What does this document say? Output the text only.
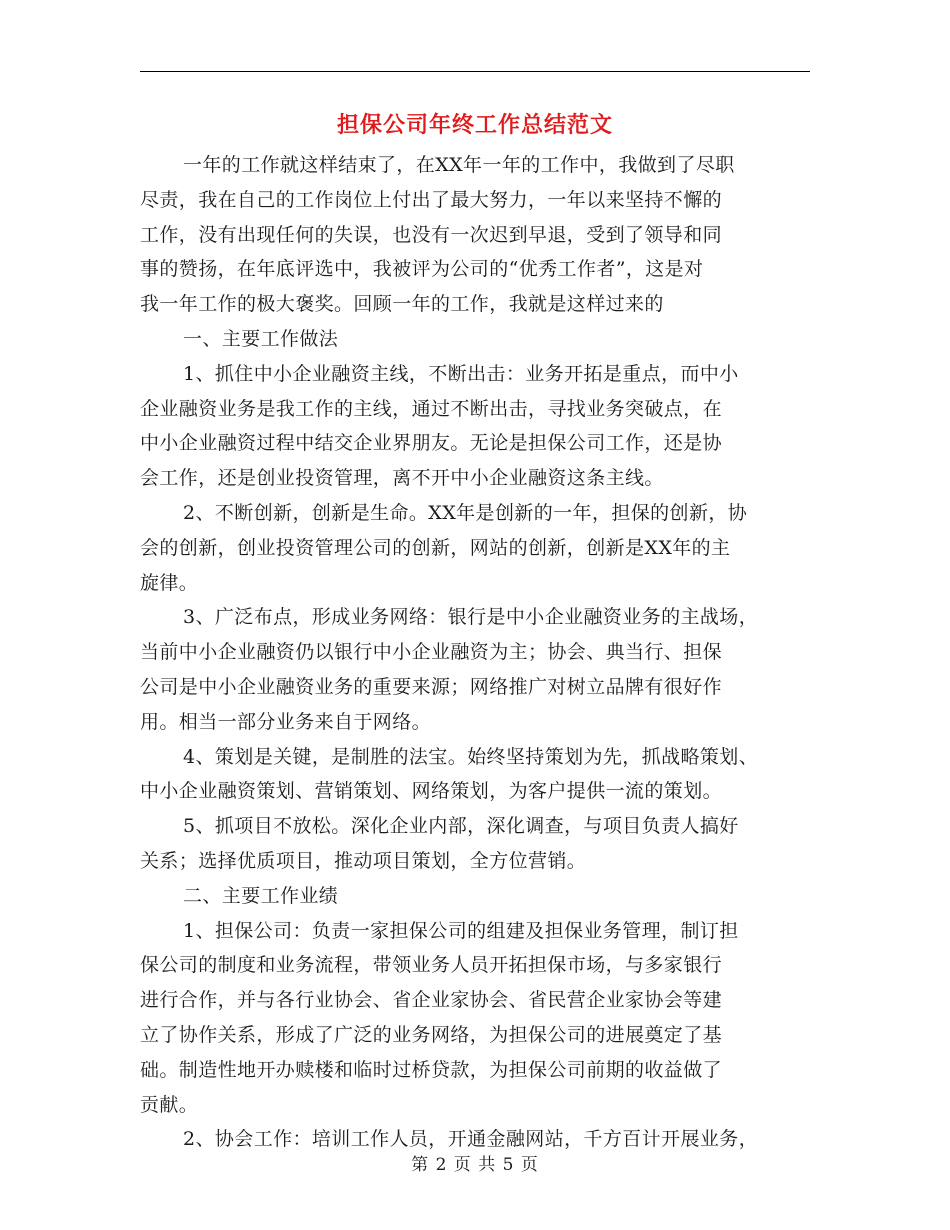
担保公司年终工作总结范文

一年的工作就这样结束了，在XX年一年的工作中，我做到了尽职
尽责，我在自己的工作岗位上付出了最大努力，一年以来坚持不懈的
工作，没有出现任何的失误，也没有一次迟到早退，受到了领导和同
事的赞扬，在年底评选中，我被评为公司的“优秀工作者”，这是对
我一年工作的极大褒奖。回顾一年的工作，我就是这样过来的

一、主要工作做法

1、抓住中小企业融资主线，不断出击：业务开拓是重点，而中小
企业融资业务是我工作的主线，通过不断出击，寻找业务突破点，在
中小企业融资过程中结交企业界朋友。无论是担保公司工作，还是协
会工作，还是创业投资管理，离不开中小企业融资这条主线。

2、不断创新，创新是生命。XX年是创新的一年，担保的创新，协
会的创新，创业投资管理公司的创新，网站的创新，创新是XX年的主
旋律。

3、广泛布点，形成业务网络：银行是中小企业融资业务的主战场，
当前中小企业融资仍以银行中小企业融资为主；协会、典当行、担保
公司是中小企业融资业务的重要来源；网络推广对树立品牌有很好作
用。相当一部分业务来自于网络。

4、策划是关键，是制胜的法宝。始终坚持策划为先，抓战略策划、
中小企业融资策划、营销策划、网络策划，为客户提供一流的策划。

5、抓项目不放松。深化企业内部，深化调查，与项目负责人搞好
关系；选择优质项目，推动项目策划，全方位营销。

二、主要工作业绩

1、担保公司：负责一家担保公司的组建及担保业务管理，制订担
保公司的制度和业务流程，带领业务人员开拓担保市场，与多家银行
进行合作，并与各行业协会、省企业家协会、省民营企业家协会等建
立了协作关系，形成了广泛的业务网络，为担保公司的进展奠定了基
础。制造性地开办赎楼和临时过桥贷款，为担保公司前期的收益做了
贡献。

2、协会工作：培训工作人员，开通金融网站，千方百计开展业务，

第 2 页 共 5 页
